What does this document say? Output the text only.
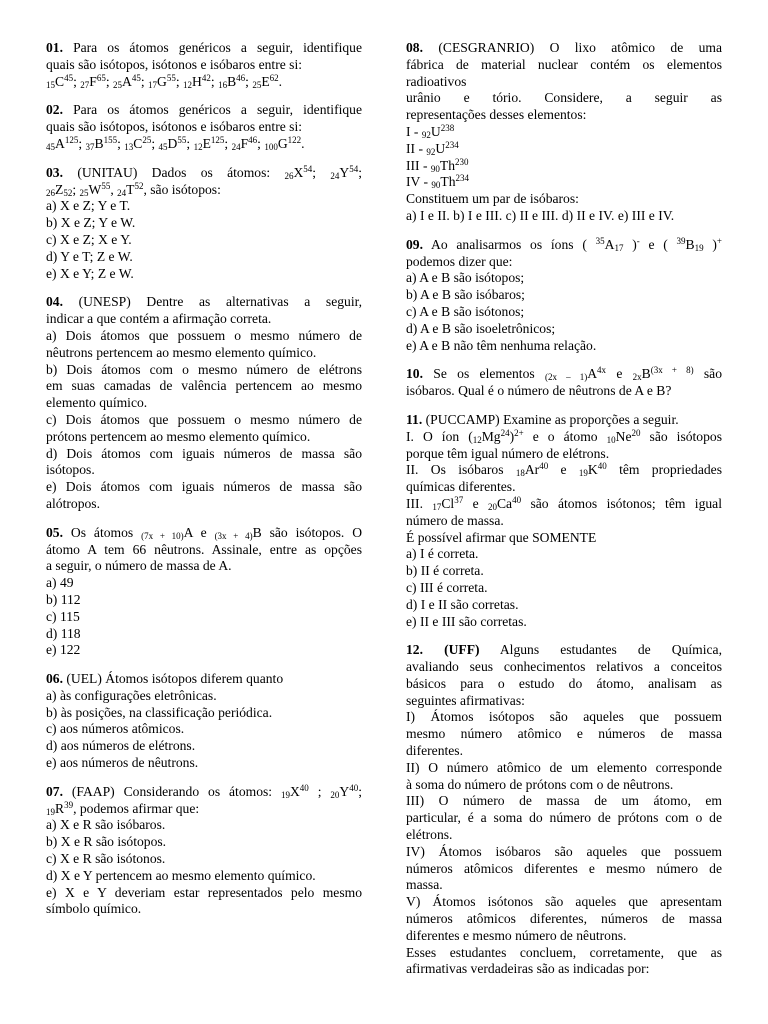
01. Para os átomos genéricos a seguir, identifique
quais são isótopos, isótonos e isóbaros entre si:
$_{15}C^{45}$; $_{27}F^{65}$; $_{25}A^{45}$; $_{17}G^{55}$; $_{12}H^{42}$; $_{16}B^{46}$; $_{25}E^{62}$.
02. Para os átomos genéricos a seguir, identifique
quais são isótopos, isótonos e isóbaros entre si:
$_{45}A^{125}$; $_{37}B^{155}$; $_{13}C^{25}$; $_{45}D^{55}$; $_{12}E^{125}$; $_{24}F^{46}$; $_{100}G^{122}$.
03. (UNITAU) Dados os átomos: $_{26}X^{54}$; $_{24}Y^{54}$;
$_{26}Z_{52}$; $_{25}W^{55}$, $_{24}T^{52}$, são isótopos:
a) X e Z; Y e T.
b) X e Z; Y e W.
c) X e Z; X e Y.
d) Y e T; Z e W.
e) X e Y; Z e W.
04. (UNESP) Dentre as alternativas a seguir,
indicar a que contém a afirmação correta.
a) Dois átomos que possuem o mesmo número de
nêutrons pertencem ao mesmo elemento químico.
b) Dois átomos com o mesmo número de elétrons
em suas camadas de valência pertencem ao mesmo
elemento químico.
c) Dois átomos que possuem o mesmo número de
prótons pertencem ao mesmo elemento químico.
d) Dois átomos com iguais números de massa são
isótopos.
e) Dois átomos com iguais números de massa são
alótropos.
05. Os átomos $_{(7x + 10)}$A e $_{(3x + 4)}$B são isótopos. O
átomo A tem 66 nêutrons. Assinale, entre as opções
a seguir, o número de massa de A.
a) 49
b) 112
c) 115
d) 118
e) 122
06. (UEL) Átomos isótopos diferem quanto
a) às configurações eletrônicas.
b) às posições, na classificação periódica.
c) aos números atômicos.
d) aos números de elétrons.
e) aos números de nêutrons.
07. (FAAP) Considerando os átomos: $_{19}X^{40}$ ; $_{20}Y^{40}$;
$_{19}R^{39}$, podemos afirmar que:
a) X e R são isóbaros.
b) X e R são isótopos.
c) X e R são isótonos.
d) X e Y pertencem ao mesmo elemento químico.
e) X e Y deveriam estar representados pelo mesmo
símbolo químico.
08. (CESGRANRIO) O lixo atômico de uma
fábrica de material nuclear contém os elementos
radioativos
urânio e tório. Considere, a seguir as
representações desses elementos:
I - $_{92}U^{238}$
II - $_{92}U^{234}$
III - $_{90}Th^{230}$
IV - $_{90}Th^{234}$
Constituem um par de isóbaros:
a) I e II. b) I e III. c) II e III. d) II e IV. e) III e IV.
09. Ao analisarmos os íons ( $^{35}A_{17}$ )- e ( $^{39}B_{19}$ )+
podemos dizer que:
a) A e B são isótopos;
b) A e B são isóbaros;
c) A e B são isótonos;
d) A e B são isoeletrônicos;
e) A e B não têm nenhuma relação.
10. Se os elementos $_{(2x - 1)}A^{4x}$ e $_{2x}B^{(3x + 8)}$ são
isóbaros. Qual é o número de nêutrons de A e B?
11. (PUCCAMP) Examine as proporções a seguir.
I. O íon $(_{12}Mg^{24})^{2+}$ e o átomo $_{10}Ne^{20}$ são isótopos
porque têm igual número de elétrons.
II. Os isóbaros $_{18}Ar^{40}$ e $_{19}K^{40}$ têm propriedades
químicas diferentes.
III. $_{17}Cl^{37}$ e $_{20}Ca^{40}$ são átomos isótonos; têm igual
número de massa.
É possível afirmar que SOMENTE
a) I é correta.
b) II é correta.
c) III é correta.
d) I e II são corretas.
e) II e III são corretas.
12. (UFF) Alguns estudantes de Química,
avaliando seus conhecimentos relativos a conceitos
básicos para o estudo do átomo, analisam as
seguintes afirmativas:
I) Átomos isótopos são aqueles que possuem
mesmo número atômico e números de massa
diferentes.
II) O número atômico de um elemento corresponde
à soma do número de prótons com o de nêutrons.
III) O número de massa de um átomo, em
particular, é a soma do número de prótons com o de
elétrons.
IV) Átomos isóbaros são aqueles que possuem
números atômicos diferentes e mesmo número de
massa.
V) Átomos isótonos são aqueles que apresentam
números atômicos diferentes, números de massa
diferentes e mesmo número de nêutrons.
Esses estudantes concluem, corretamente, que as
afirmativas verdadeiras são as indicadas por:
